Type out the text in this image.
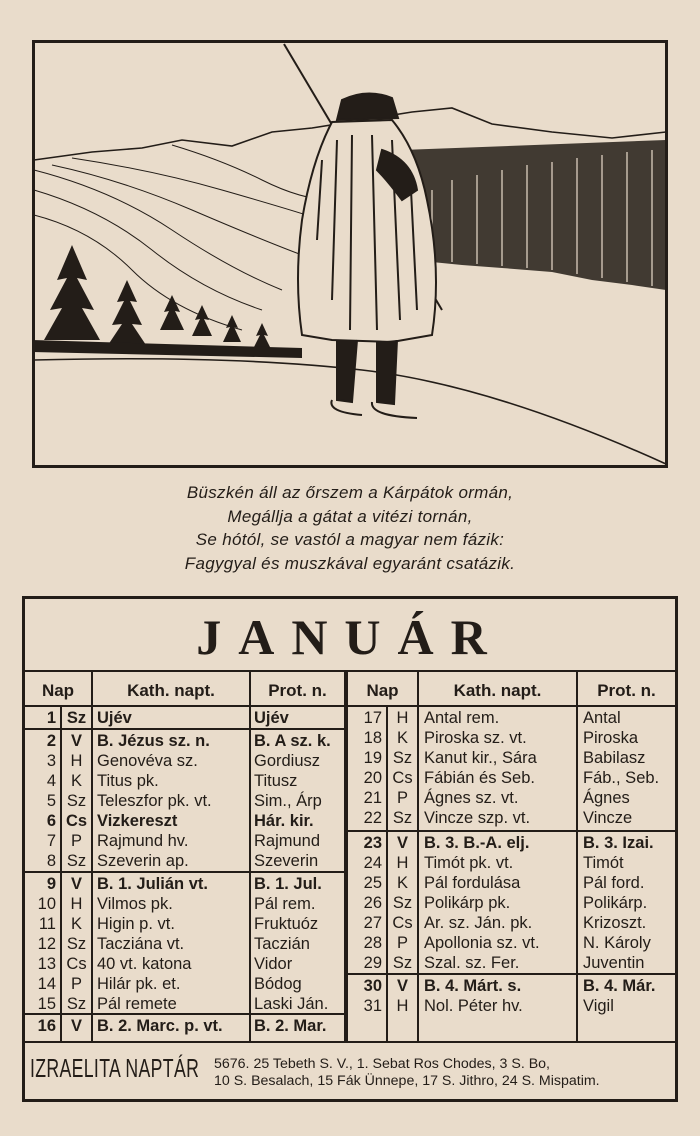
Büszkén áll az őrszem a Kárpátok ormán,
Megállja a gátat a vitézi tornán,
Se hótól, se vastól a magyar nem fázik:
Fagygyal és muszkával egyaránt csatázik.
JANUÁR
Nap	Kath. napt.	Prot. n.	Nap	Kath. napt.	Prot. n.
1 Sz Ujév	Ujév
2 V B. Jézus sz. n.	B. A sz. k.
3 H Genovéva sz.	Gordiusz
4 K Titus pk.	Titusz
5 Sz Teleszfor pk. vt.	Sim., Árp
6 Cs Vizkereszt	Hár. kir.
7 P Rajmund hv.	Rajmund
8 Sz Szeverin ap.	Szeverin
9 V B. 1. Julián vt.	B. 1. Jul.
10 H Vilmos pk.	Pál rem.
11 K Higin p. vt.	Fruktuóz
12 Sz Tacziána vt.	Taczián
13 Cs 40 vt. katona	Vidor
14 P Hilár pk. et.	Bódog
15 Sz Pál remete	Laski Ján.
16 V B. 2. Marc. p. vt.	B. 2. Mar.
17 H Antal rem.	Antal
18 K Piroska sz. vt.	Piroska
19 Sz Kanut kir., Sára	Babilasz
20 Cs Fábián és Seb.	Fáb., Seb.
21 P Ágnes sz. vt.	Ágnes
22 Sz Vincze szp. vt.	Vincze
23 V B. 3. B.-A. elj.	B. 3. Izai.
24 H Timót pk. vt.	Timót
25 K Pál fordulása	Pál ford.
26 Sz Polikárp pk.	Polikárp.
27 Cs Ar. sz. Ján. pk.	Krizoszt.
28 P Apollonia sz. vt.	N. Károly
29 Sz Szal. sz. Fer.	Juventin
30 V B. 4. Márt. s.	B. 4. Már.
31 H Nol. Péter hv.	Vigil
IZRAELITA NAPTÁR 5676. 25 Tebeth S. V., 1. Sebat Ros Chodes, 3 S. Bo,
10 S. Besalach, 15 Fák Ünnepe, 17 S. Jithro, 24 S. Mispatim.
